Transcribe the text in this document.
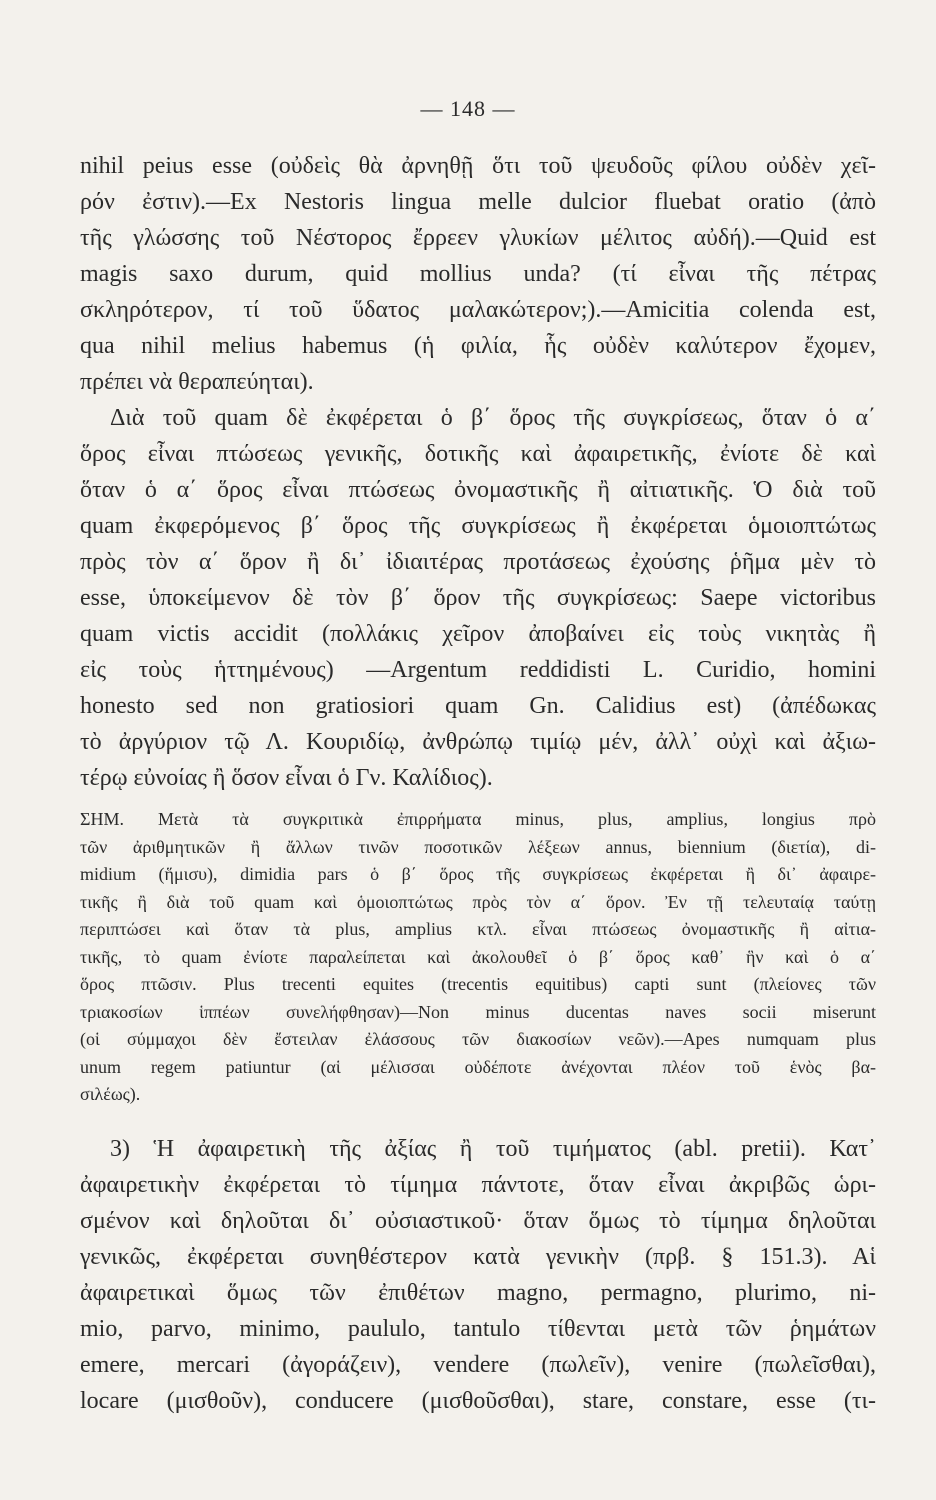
— 148 —
nihil peius esse (οὐδεὶς θὰ ἀρνηθῇ ὅτι τοῦ ψευδοῦς φίλου οὐδὲν χεῖ-
ρόν ἐστιν).—Ex Nestoris lingua melle dulcior fluebat oratio (ἀπὸ
τῆς γλώσσης τοῦ Νέστορος ἔρρεεν γλυκίων μέλιτος αὐδή).—Quid est
magis saxo durum, quid mollius unda? (τί εἶναι τῆς πέτρας
σκληρότερον, τί τοῦ ὕδατος μαλακώτερον;).—Amicitia colenda est,
qua nihil melius habemus (ἡ φιλία, ἧς οὐδὲν καλύτερον ἔχομεν,
πρέπει νὰ θεραπεύηται).
Διὰ τοῦ quam δὲ ἐκφέρεται ὁ β΄ ὅρος τῆς συγκρίσεως, ὅταν ὁ α΄
ὅρος εἶναι πτώσεως γενικῆς, δοτικῆς καὶ ἀφαιρετικῆς, ἐνίοτε δὲ καὶ
ὅταν ὁ α΄ ὅρος εἶναι πτώσεως ὀνομαστικῆς ἢ αἰτιατικῆς. Ὁ διὰ τοῦ
quam ἐκφερόμενος β΄ ὅρος τῆς συγκρίσεως ἢ ἐκφέρεται ὁμοιοπτώτως
πρὸς τὸν α΄ ὅρον ἢ δι᾽ ἰδιαιτέρας προτάσεως ἐχούσης ῥῆμα μὲν τὸ
esse, ὑποκείμενον δὲ τὸν β΄ ὅρον τῆς συγκρίσεως: Saepe victoribus
quam victis accidit (πολλάκις χεῖρον ἀποβαίνει εἰς τοὺς νικητὰς ἢ
εἰς τοὺς ἡττημένους) —Argentum reddidisti L. Curidio, homini
honesto sed non gratiosiori quam Gn. Calidius est) (ἀπέδωκας
τὸ ἀργύριον τῷ Λ. Κουριδίῳ, ἀνθρώπῳ τιμίῳ μέν, ἀλλ᾽ οὐχὶ καὶ ἀξιω-
τέρῳ εὐνοίας ἢ ὅσον εἶναι ὁ Γν. Καλίδιος).
ΣΗΜ. Μετὰ τὰ συγκριτικὰ ἐπιρρήματα minus, plus, amplius, longius πρὸ
τῶν ἀριθμητικῶν ἢ ἄλλων τινῶν ποσοτικῶν λέξεων annus, biennium (διετία), di-
midium (ἥμισυ), dimidia pars ὁ β΄ ὅρος τῆς συγκρίσεως ἐκφέρεται ἢ δι᾽ ἀφαιρε-
τικῆς ἢ διὰ τοῦ quam καὶ ὁμοιοπτώτως πρὸς τὸν α΄ ὅρον. Ἐν τῇ τελευταίᾳ ταύτῃ
περιπτώσει καὶ ὅταν τὰ plus, amplius κτλ. εἶναι πτώσεως ὀνομαστικῆς ἢ αἰτια-
τικῆς, τὸ quam ἐνίοτε παραλείπεται καὶ ἀκολουθεῖ ὁ β΄ ὅρος καθ᾽ ἣν καὶ ὁ α΄
ὅρος πτῶσιν. Plus trecenti equites (trecentis equitibus) capti sunt (πλείονες τῶν
τριακοσίων ἱππέων συνελήφθησαν)—Non minus ducentas naves socii miserunt
(οἱ σύμμαχοι δὲν ἔστειλαν ἐλάσσους τῶν διακοσίων νεῶν).—Apes numquam plus
unum regem patiuntur (αἱ μέλισσαι οὐδέποτε ἀνέχονται πλέον τοῦ ἑνὸς βα-
σιλέως).
3) Ἡ ἀφαιρετικὴ τῆς ἀξίας ἢ τοῦ τιμήματος (abl. pretii). Κατ᾽
ἀφαιρετικὴν ἐκφέρεται τὸ τίμημα πάντοτε, ὅταν εἶναι ἀκριβῶς ὡρι-
σμένον καὶ δηλοῦται δι᾽ οὐσιαστικοῦ· ὅταν ὅμως τὸ τίμημα δηλοῦται
γενικῶς, ἐκφέρεται συνηθέστερον κατὰ γενικὴν (πρβ. § 151.3). Αἱ
ἀφαιρετικαὶ ὅμως τῶν ἐπιθέτων magno, permagno, plurimo, ni-
mio, parvo, minimo, paululo, tantulo τίθενται μετὰ τῶν ῥημάτων
emere, mercari (ἀγοράζειν), vendere (πωλεῖν), venire (πωλεῖσθαι),
locare (μισθοῦν), conducere (μισθοῦσθαι), stare, constare, esse (τι-
